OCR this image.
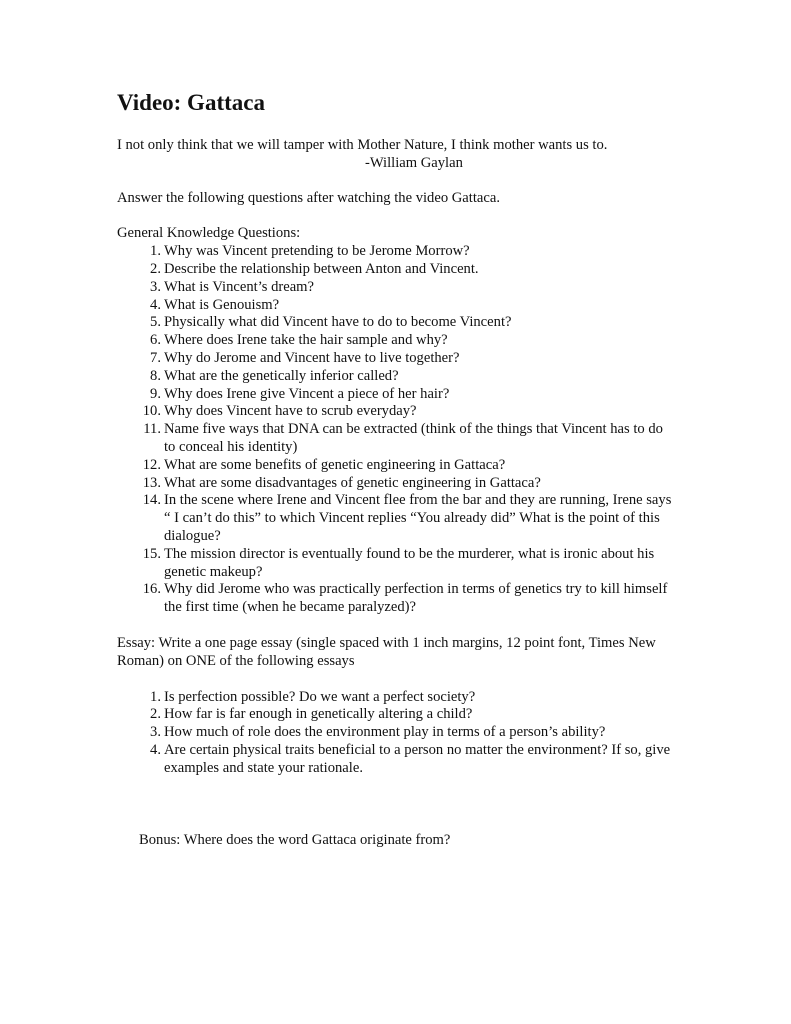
Video: Gattaca
I not only think that we will tamper with Mother Nature, I think mother wants us to.
-William Gaylan
Answer the following questions after watching the video Gattaca.
General Knowledge Questions:
1. Why was Vincent pretending to be Jerome Morrow?
2. Describe the relationship between Anton and Vincent.
3. What is Vincent’s dream?
4. What is Genouism?
5. Physically what did Vincent have to do to become Vincent?
6. Where does Irene take the hair sample and why?
7. Why do Jerome and Vincent have to live together?
8. What are the genetically inferior called?
9. Why does Irene give Vincent a piece of her hair?
10. Why does Vincent have to scrub everyday?
11. Name five ways that DNA can be extracted (think of the things that Vincent has to do to conceal his identity)
12. What are some benefits of genetic engineering in Gattaca?
13. What are some disadvantages of genetic engineering in Gattaca?
14. In the scene where Irene and Vincent flee from the bar and they are running, Irene says “ I can’t do this” to which Vincent replies “You already did” What is the point of this dialogue?
15. The mission director is eventually found to be the murderer, what is ironic about his genetic makeup?
16. Why did Jerome who was practically perfection in terms of genetics try to kill himself the first time (when he became paralyzed)?
Essay: Write a one page essay (single spaced with 1 inch margins, 12 point font, Times New Roman) on ONE of the following essays
1. Is perfection possible? Do we want a perfect society?
2. How far is far enough in genetically altering a child?
3. How much of role does the environment play in terms of a person’s ability?
4. Are certain physical traits beneficial to a person no matter the environment? If so, give examples and state your rationale.
Bonus: Where does the word Gattaca originate from?
